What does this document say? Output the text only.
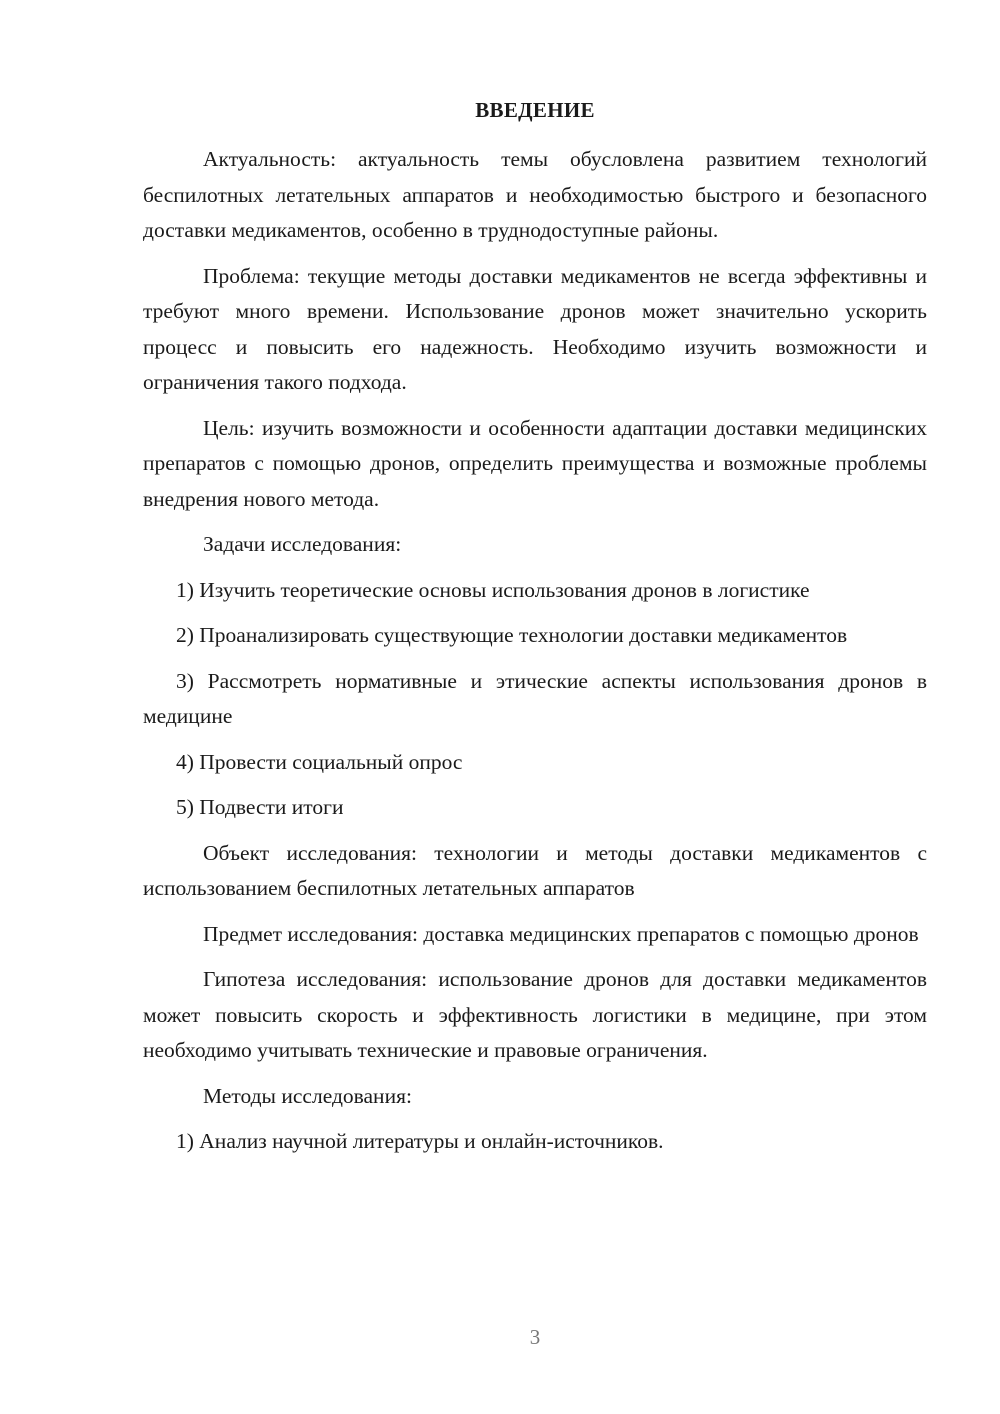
ВВЕДЕНИЕ

Актуальность: актуальность темы обусловлена развитием технологий беспилотных летательных аппаратов и необходимостью быстрого и безопасного доставки медикаментов, особенно в труднодоступные районы.

Проблема: текущие методы доставки медикаментов не всегда эффективны и требуют много времени. Использование дронов может значительно ускорить процесс и повысить его надежность. Необходимо изучить возможности и ограничения такого подхода.

Цель: изучить возможности и особенности адаптации доставки медицинских препаратов с помощью дронов, определить преимущества и возможные проблемы внедрения нового метода.

Задачи исследования:

1) Изучить теоретические основы использования дронов в логистике

2) Проанализировать существующие технологии доставки медикаментов

3) Рассмотреть нормативные и этические аспекты использования дронов в медицине

4) Провести социальный опрос

5) Подвести итоги

Объект исследования: технологии и методы доставки медикаментов с использованием беспилотных летательных аппаратов

Предмет исследования: доставка медицинских препаратов с помощью дронов

Гипотеза исследования: использование дронов для доставки медикаментов может повысить скорость и эффективность логистики в медицине, при этом необходимо учитывать технические и правовые ограничения.

Методы исследования:

1) Анализ научной литературы и онлайн-источников.

3
